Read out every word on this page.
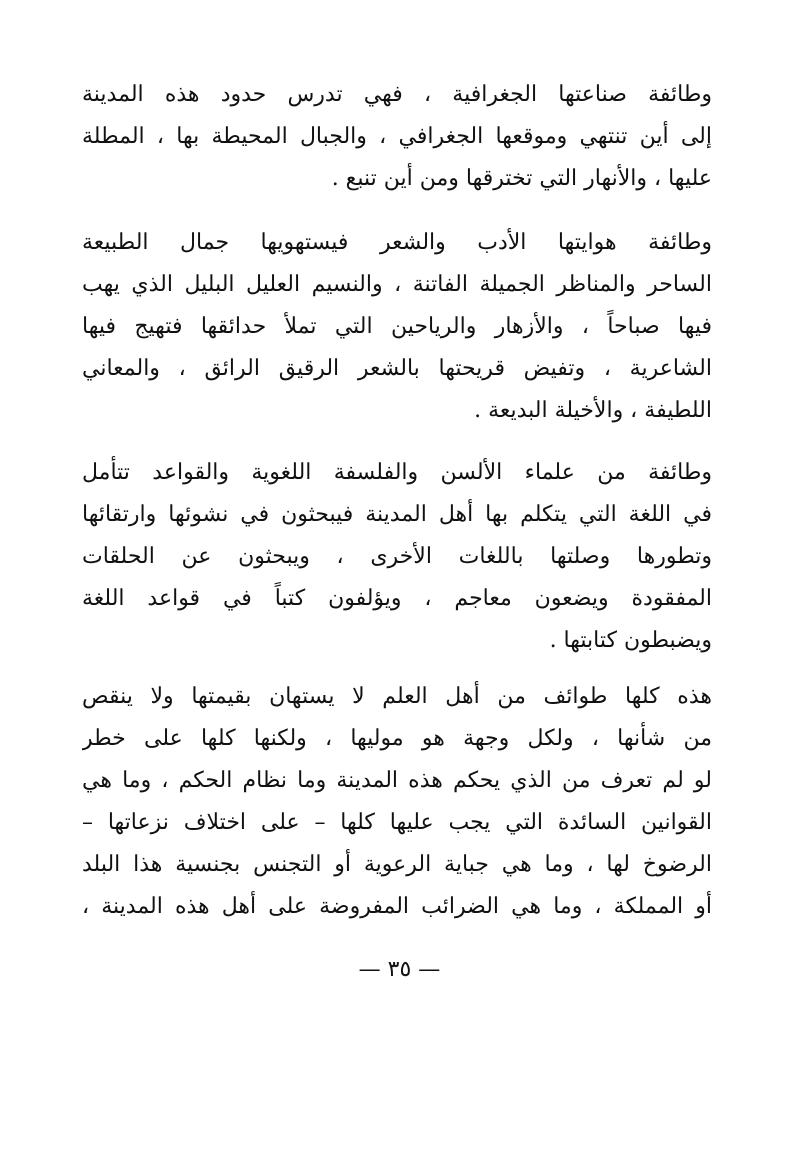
وطائفة صناعتها الجغرافية ، فهي تدرس حدود هذه المدينة
إلى أين تنتهي وموقعها الجغرافي ، والجبال المحيطة بها ، المطلة
عليها ، والأنهار التي تخترقها ومن أين تنبع .
وطائفة هوايتها الأدب والشعر فيستهويها جمال الطبيعة
الساحر والمناظر الجميلة الفاتنة ، والنسيم العليل البليل الذي يهب
فيها صباحاً ، والأزهار والرياحين التي تملأ حدائقها فتهيج فيها
الشاعرية ، وتفيض قريحتها بالشعر الرقيق الرائق ، والمعاني
اللطيفة ، والأخيلة البديعة .
وطائفة من علماء الألسن والفلسفة اللغوية والقواعد تتأمل
في اللغة التي يتكلم بها أهل المدينة فيبحثون في نشوئها وارتقائها
وتطورها وصلتها باللغات الأخرى ، ويبحثون عن الحلقات
المفقودة ويضعون معاجم ، ويؤلفون كتباً في قواعد اللغة
ويضبطون كتابتها .
هذه كلها طوائف من أهل العلم لا يستهان بقيمتها ولا ينقص
من شأنها ، ولكل وجهة هو موليها ، ولكنها كلها على خطر
لو لم تعرف من الذي يحكم هذه المدينة وما نظام الحكم ، وما هي
القوانين السائدة التي يجب عليها كلها – على اختلاف نزعاتها –
الرضوخ لها ، وما هي جباية الرعوية أو التجنس بجنسية هذا البلد
أو المملكة ، وما هي الضرائب المفروضة على أهل هذه المدينة ،
— ٣٥ —
